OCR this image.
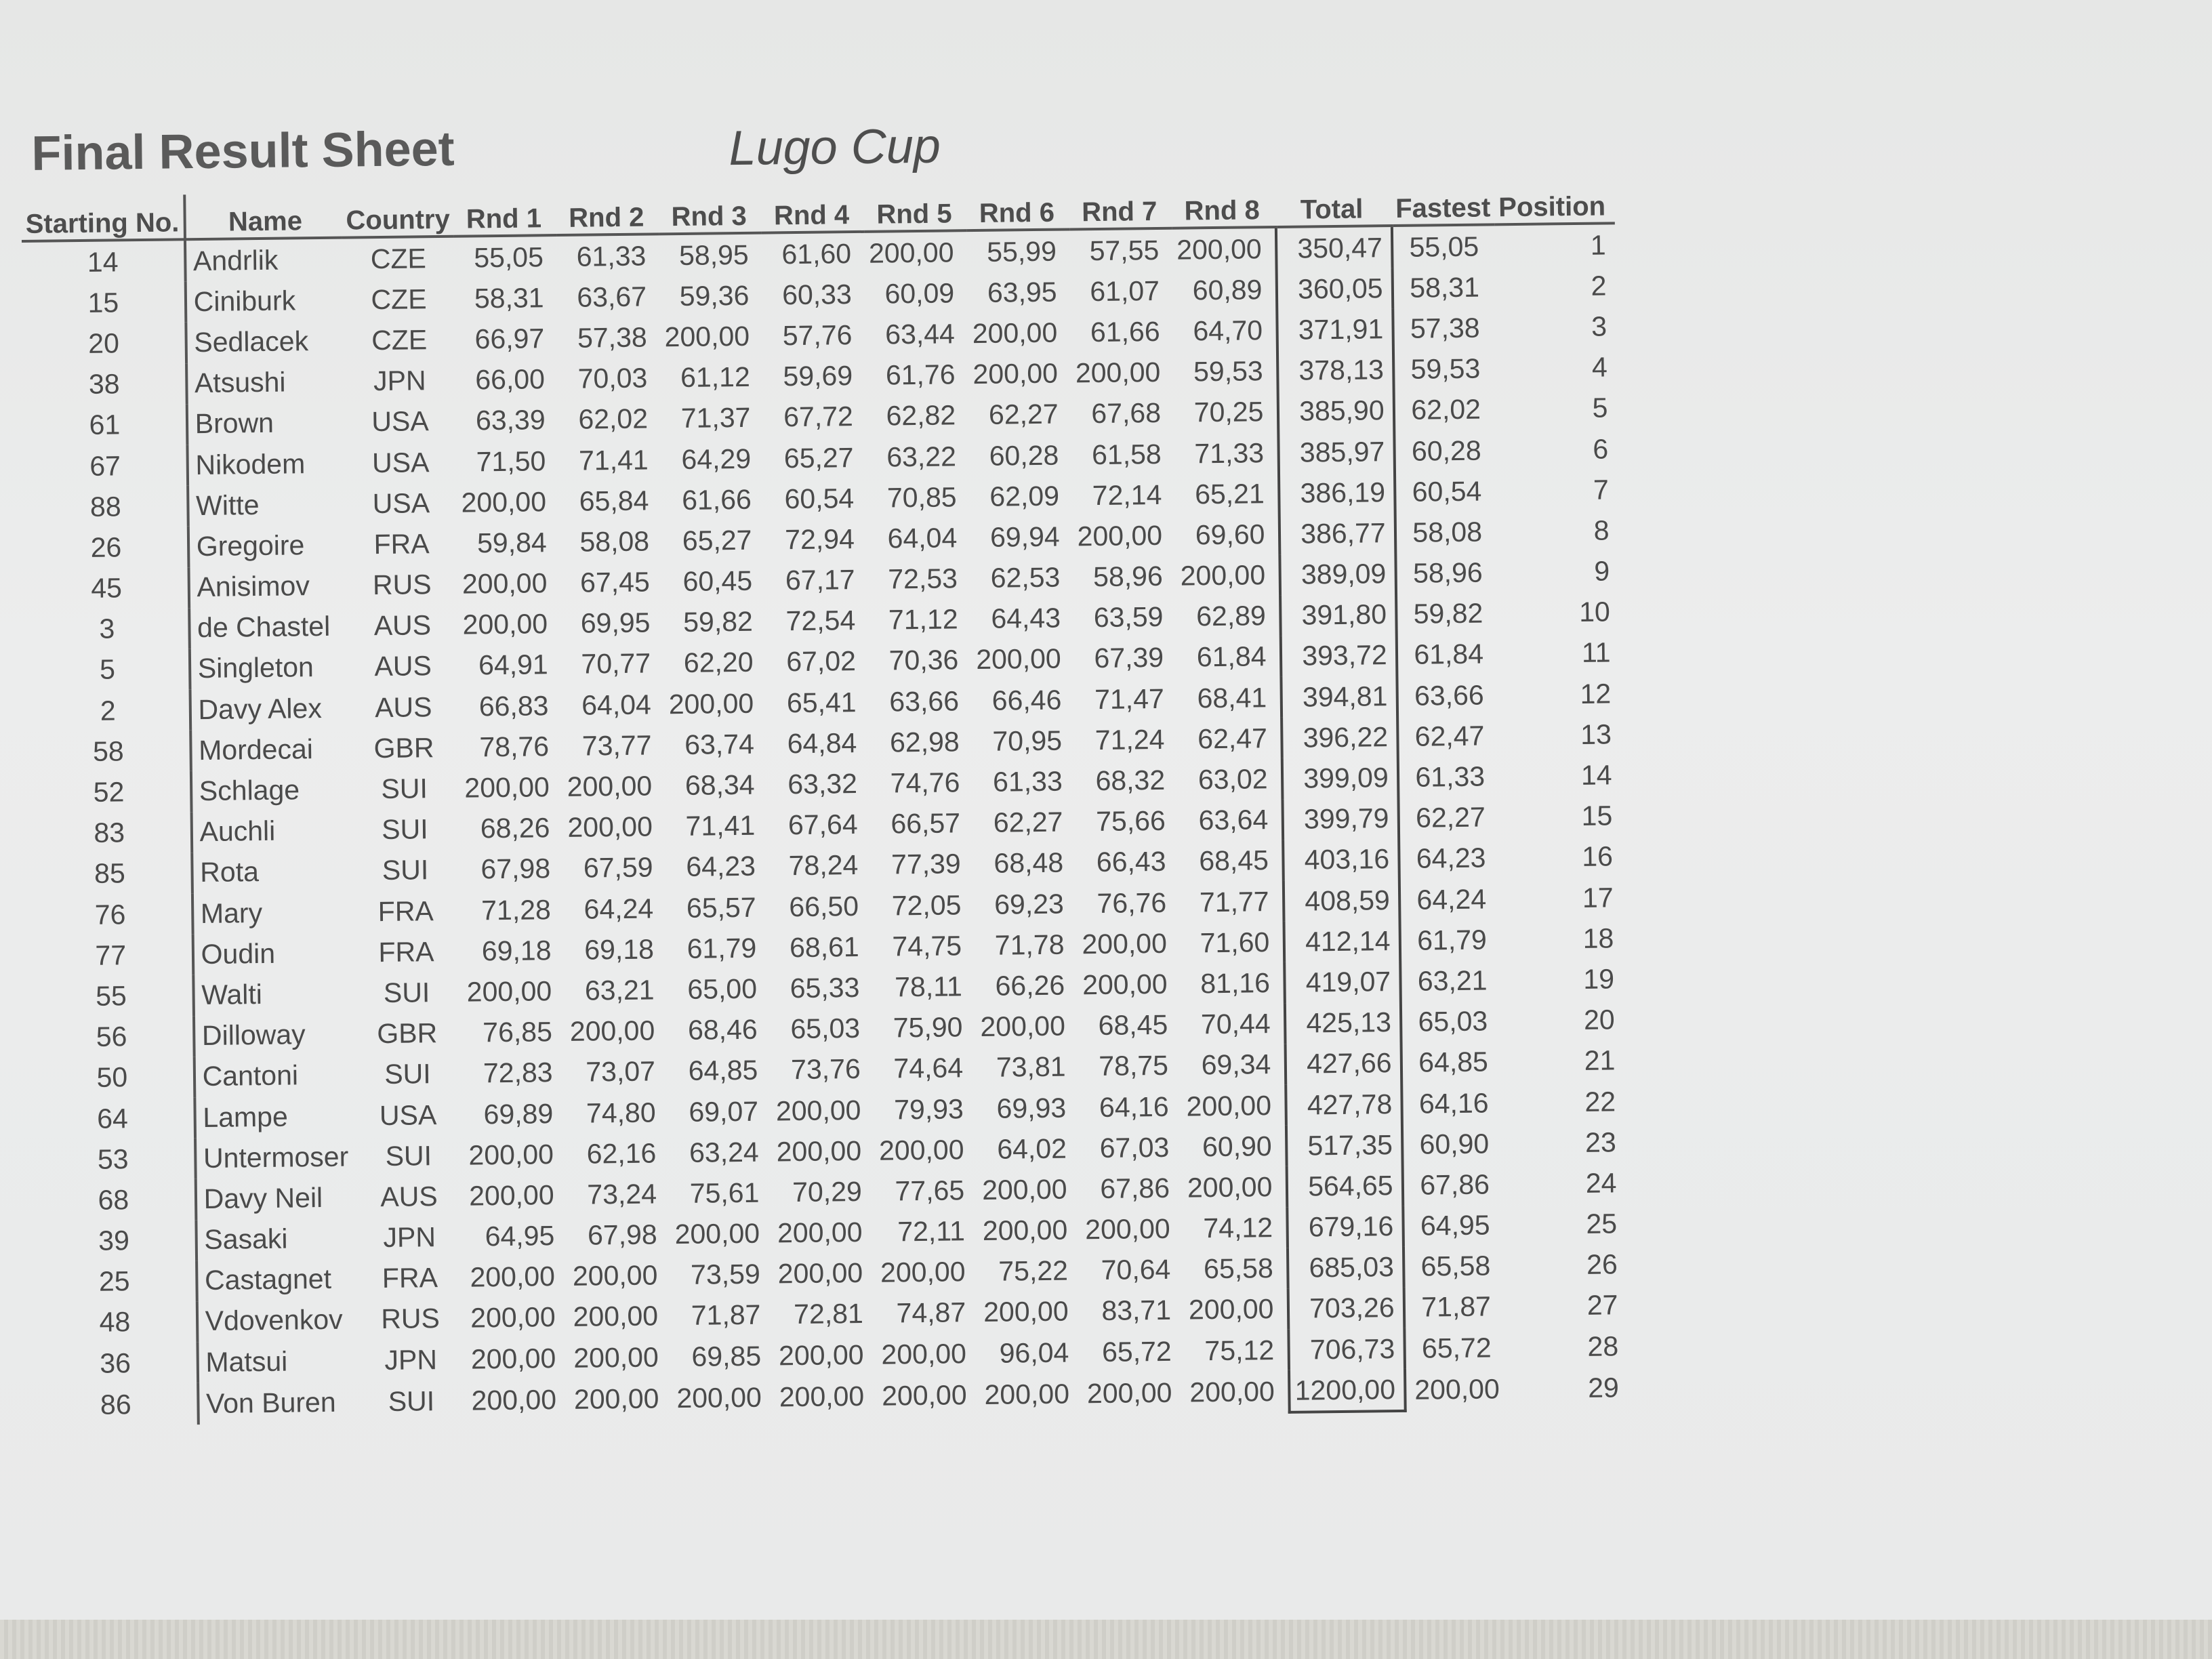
Final Result Sheet	Lugo Cup
Starting No.	Name	Country	Rnd 1	Rnd 2	Rnd 3	Rnd 4	Rnd 5	Rnd 6	Rnd 7	Rnd 8	Total	Fastest	Position
14	Andrlik	CZE	55,05	61,33	58,95	61,60	200,00	55,99	57,55	200,00	350,47	55,05	1
15	Ciniburk	CZE	58,31	63,67	59,36	60,33	60,09	63,95	61,07	60,89	360,05	58,31	2
20	Sedlacek	CZE	66,97	57,38	200,00	57,76	63,44	200,00	61,66	64,70	371,91	57,38	3
38	Atsushi	JPN	66,00	70,03	61,12	59,69	61,76	200,00	200,00	59,53	378,13	59,53	4
61	Brown	USA	63,39	62,02	71,37	67,72	62,82	62,27	67,68	70,25	385,90	62,02	5
67	Nikodem	USA	71,50	71,41	64,29	65,27	63,22	60,28	61,58	71,33	385,97	60,28	6
88	Witte	USA	200,00	65,84	61,66	60,54	70,85	62,09	72,14	65,21	386,19	60,54	7
26	Gregoire	FRA	59,84	58,08	65,27	72,94	64,04	69,94	200,00	69,60	386,77	58,08	8
45	Anisimov	RUS	200,00	67,45	60,45	67,17	72,53	62,53	58,96	200,00	389,09	58,96	9
3	de Chastel	AUS	200,00	69,95	59,82	72,54	71,12	64,43	63,59	62,89	391,80	59,82	10
5	Singleton	AUS	64,91	70,77	62,20	67,02	70,36	200,00	67,39	61,84	393,72	61,84	11
2	Davy Alex	AUS	66,83	64,04	200,00	65,41	63,66	66,46	71,47	68,41	394,81	63,66	12
58	Mordecai	GBR	78,76	73,77	63,74	64,84	62,98	70,95	71,24	62,47	396,22	62,47	13
52	Schlage	SUI	200,00	200,00	68,34	63,32	74,76	61,33	68,32	63,02	399,09	61,33	14
83	Auchli	SUI	68,26	200,00	71,41	67,64	66,57	62,27	75,66	63,64	399,79	62,27	15
85	Rota	SUI	67,98	67,59	64,23	78,24	77,39	68,48	66,43	68,45	403,16	64,23	16
76	Mary	FRA	71,28	64,24	65,57	66,50	72,05	69,23	76,76	71,77	408,59	64,24	17
77	Oudin	FRA	69,18	69,18	61,79	68,61	74,75	71,78	200,00	71,60	412,14	61,79	18
55	Walti	SUI	200,00	63,21	65,00	65,33	78,11	66,26	200,00	81,16	419,07	63,21	19
56	Dilloway	GBR	76,85	200,00	68,46	65,03	75,90	200,00	68,45	70,44	425,13	65,03	20
50	Cantoni	SUI	72,83	73,07	64,85	73,76	74,64	73,81	78,75	69,34	427,66	64,85	21
64	Lampe	USA	69,89	74,80	69,07	200,00	79,93	69,93	64,16	200,00	427,78	64,16	22
53	Untermoser	SUI	200,00	62,16	63,24	200,00	200,00	64,02	67,03	60,90	517,35	60,90	23
68	Davy Neil	AUS	200,00	73,24	75,61	70,29	77,65	200,00	67,86	200,00	564,65	67,86	24
39	Sasaki	JPN	64,95	67,98	200,00	200,00	72,11	200,00	200,00	74,12	679,16	64,95	25
25	Castagnet	FRA	200,00	200,00	73,59	200,00	200,00	75,22	70,64	65,58	685,03	65,58	26
48	Vdovenkov	RUS	200,00	200,00	71,87	72,81	74,87	200,00	83,71	200,00	703,26	71,87	27
36	Matsui	JPN	200,00	200,00	69,85	200,00	200,00	96,04	65,72	75,12	706,73	65,72	28
86	Von Buren	SUI	200,00	200,00	200,00	200,00	200,00	200,00	200,00	200,00	1200,00	200,00	29
